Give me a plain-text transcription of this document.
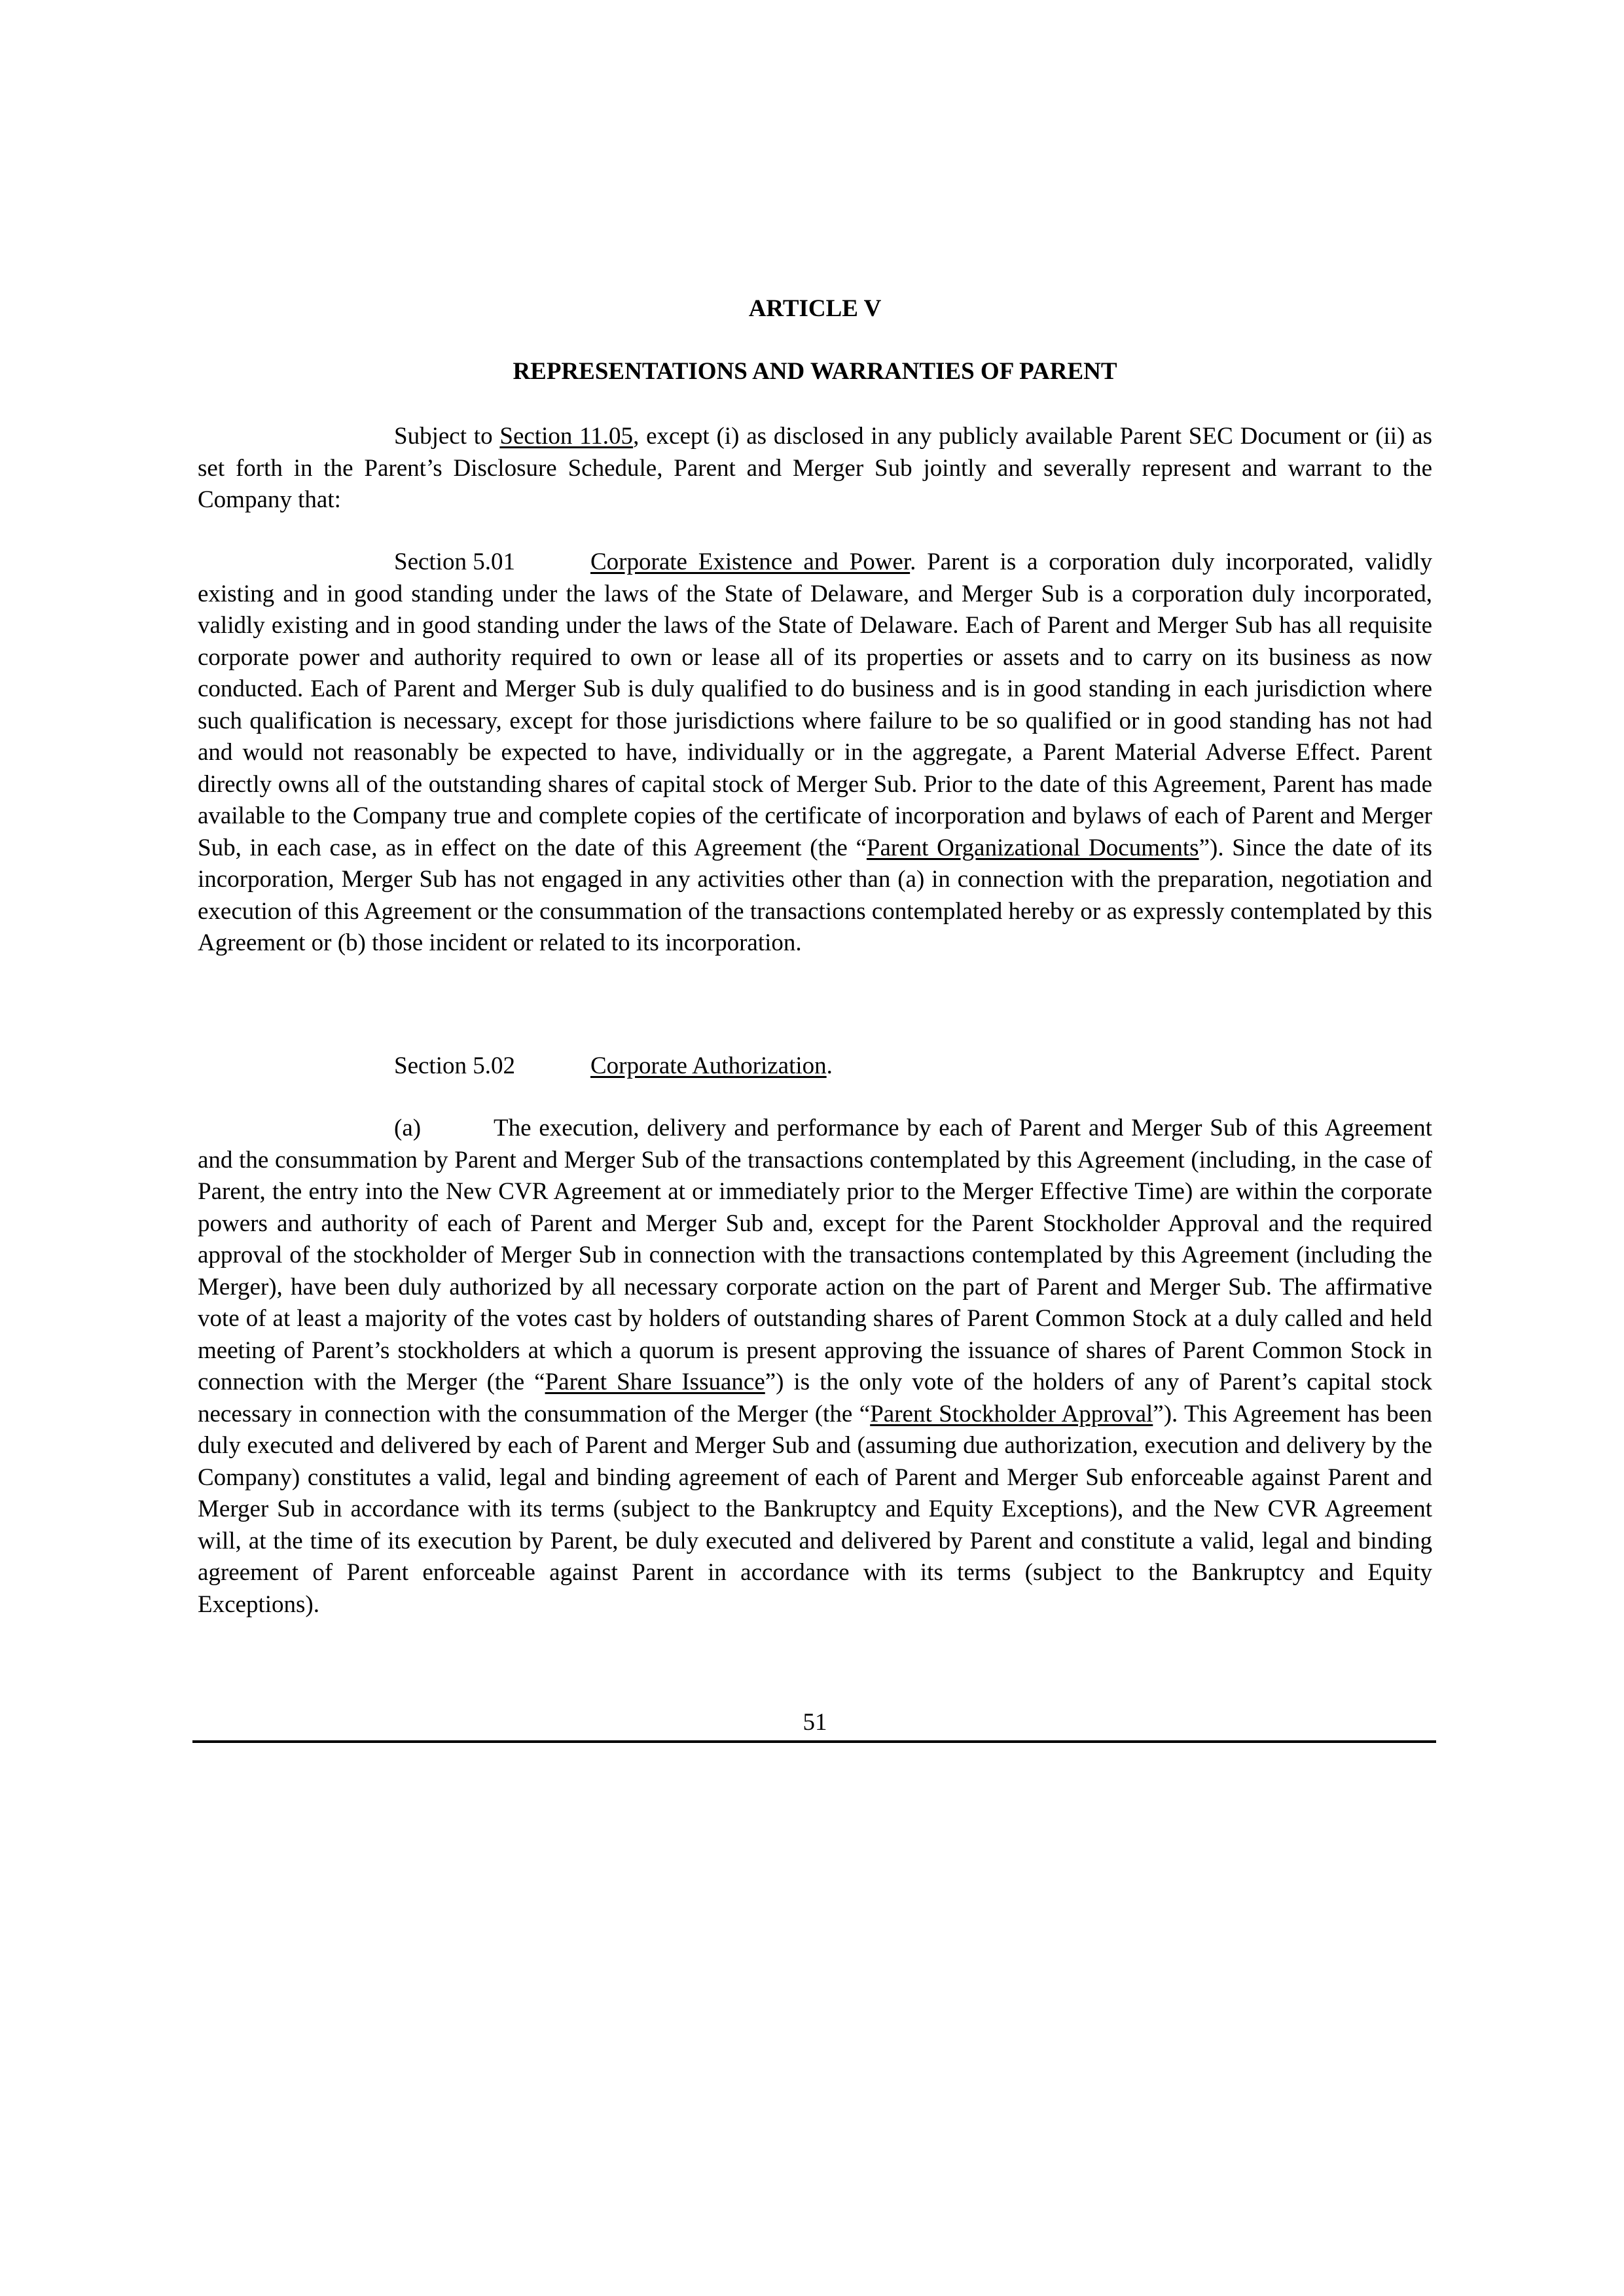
ARTICLE V
REPRESENTATIONS AND WARRANTIES OF PARENT

Subject to Section 11.05, except (i) as disclosed in any publicly available Parent SEC Document or (ii) as set forth in the Parent’s Disclosure Schedule, Parent and Merger Sub jointly and severally represent and warrant to the Company that:

Section 5.01	Corporate Existence and Power. Parent is a corporation duly incorporated, validly existing and in good standing under the laws of the State of Delaware, and Merger Sub is a corporation duly incorporated, validly existing and in good standing under the laws of the State of Delaware. Each of Parent and Merger Sub has all requisite corporate power and authority required to own or lease all of its properties or assets and to carry on its business as now conducted. Each of Parent and Merger Sub is duly qualified to do business and is in good standing in each jurisdiction where such qualification is necessary, except for those jurisdictions where failure to be so qualified or in good standing has not had and would not reasonably be expected to have, individually or in the aggregate, a Parent Material Adverse Effect. Parent directly owns all of the outstanding shares of capital stock of Merger Sub. Prior to the date of this Agreement, Parent has made available to the Company true and complete copies of the certificate of incorporation and bylaws of each of Parent and Merger Sub, in each case, as in effect on the date of this Agreement (the “Parent Organizational Documents”). Since the date of its incorporation, Merger Sub has not engaged in any activities other than (a) in connection with the preparation, negotiation and execution of this Agreement or the consummation of the transactions contemplated hereby or as expressly contemplated by this Agreement or (b) those incident or related to its incorporation.

Section 5.02	Corporate Authorization.

(a)	The execution, delivery and performance by each of Parent and Merger Sub of this Agreement and the consummation by Parent and Merger Sub of the transactions contemplated by this Agreement (including, in the case of Parent, the entry into the New CVR Agreement at or immediately prior to the Merger Effective Time) are within the corporate powers and authority of each of Parent and Merger Sub and, except for the Parent Stockholder Approval and the required approval of the stockholder of Merger Sub in connection with the transactions contemplated by this Agreement (including the Merger), have been duly authorized by all necessary corporate action on the part of Parent and Merger Sub. The affirmative vote of at least a majority of the votes cast by holders of outstanding shares of Parent Common Stock at a duly called and held meeting of Parent’s stockholders at which a quorum is present approving the issuance of shares of Parent Common Stock in connection with the Merger (the “Parent Share Issuance”) is the only vote of the holders of any of Parent’s capital stock necessary in connection with the consummation of the Merger (the “Parent Stockholder Approval”). This Agreement has been duly executed and delivered by each of Parent and Merger Sub and (assuming due authorization, execution and delivery by the Company) constitutes a valid, legal and binding agreement of each of Parent and Merger Sub enforceable against Parent and Merger Sub in accordance with its terms (subject to the Bankruptcy and Equity Exceptions), and the New CVR Agreement will, at the time of its execution by Parent, be duly executed and delivered by Parent and constitute a valid, legal and binding agreement of Parent enforceable against Parent in accordance with its terms (subject to the Bankruptcy and Equity Exceptions).

51
